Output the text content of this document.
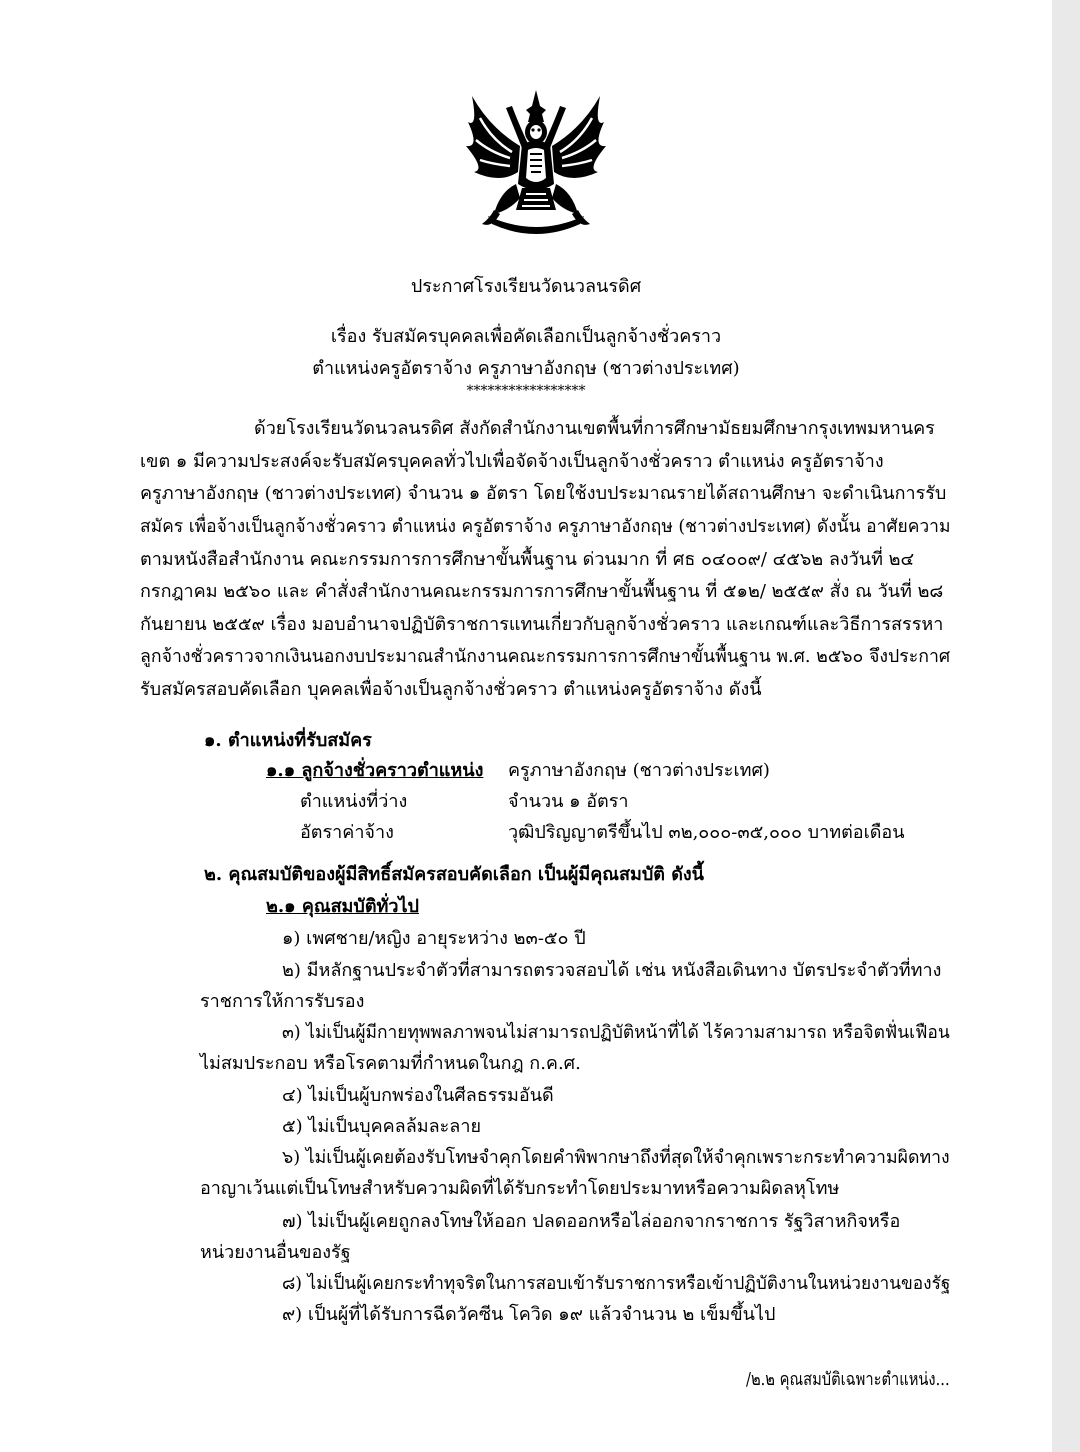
ประกาศโรงเรียนวัดนวลนรดิศ
เรื่อง รับสมัครบุคคลเพื่อคัดเลือกเป็นลูกจ้างชั่วคราว
ตำแหน่งครูอัตราจ้าง ครูภาษาอังกฤษ (ชาวต่างประเทศ)
*****************
ด้วยโรงเรียนวัดนวลนรดิศ สังกัดสำนักงานเขตพื้นที่การศึกษามัธยมศึกษากรุงเทพมหานคร
เขต ๑ มีความประสงค์จะรับสมัครบุคคลทั่วไปเพื่อจัดจ้างเป็นลูกจ้างชั่วคราว ตำแหน่ง ครูอัตราจ้าง
ครูภาษาอังกฤษ (ชาวต่างประเทศ) จำนวน ๑ อัตรา โดยใช้งบประมาณรายได้สถานศึกษา จะดำเนินการรับ
สมัคร เพื่อจ้างเป็นลูกจ้างชั่วคราว ตำแหน่ง ครูอัตราจ้าง ครูภาษาอังกฤษ (ชาวต่างประเทศ) ดังนั้น อาศัยความ
ตามหนังสือสำนักงาน คณะกรรมการการศึกษาขั้นพื้นฐาน ด่วนมาก ที่ ศธ ๐๔๐๐๙/ ๔๕๖๒ ลงวันที่ ๒๔
กรกฎาคม ๒๕๖๐ และ คำสั่งสำนักงานคณะกรรมการการศึกษาขั้นพื้นฐาน ที่ ๕๑๒/ ๒๕๕๙ สั่ง ณ วันที่ ๒๘
กันยายน ๒๕๕๙ เรื่อง มอบอำนาจปฏิบัติราชการแทนเกี่ยวกับลูกจ้างชั่วคราว และเกณฑ์และวิธีการสรรหา
ลูกจ้างชั่วคราวจากเงินนอกงบประมาณสำนักงานคณะกรรมการการศึกษาขั้นพื้นฐาน พ.ศ. ๒๕๖๐ จึงประกาศ
รับสมัครสอบคัดเลือก บุคคลเพื่อจ้างเป็นลูกจ้างชั่วคราว ตำแหน่งครูอัตราจ้าง ดังนี้
๑. ตำแหน่งที่รับสมัคร
๑.๑ ลูกจ้างชั่วคราวตำแหน่ง ครูภาษาอังกฤษ (ชาวต่างประเทศ)
ตำแหน่งที่ว่าง	จำนวน ๑ อัตรา
อัตราค่าจ้าง	วุฒิปริญญาตรีขึ้นไป ๓๒,๐๐๐-๓๕,๐๐๐ บาทต่อเดือน
๒. คุณสมบัติของผู้มีสิทธิ์สมัครสอบคัดเลือก เป็นผู้มีคุณสมบัติ ดังนี้
๒.๑ คุณสมบัติทั่วไป
๑) เพศชาย/หญิง อายุระหว่าง ๒๓-๕๐ ปี
๒) มีหลักฐานประจำตัวที่สามารถตรวจสอบได้ เช่น หนังสือเดินทาง บัตรประจำตัวที่ทาง
ราชการให้การรับรอง
๓) ไม่เป็นผู้มีกายทุพพลภาพจนไม่สามารถปฏิบัติหน้าที่ได้ ไร้ความสามารถ หรือจิตฟั่นเฟือน
ไม่สมประกอบ หรือโรคตามที่กำหนดในกฎ ก.ค.ศ.
๔) ไม่เป็นผู้บกพร่องในศีลธรรมอันดี
๕) ไม่เป็นบุคคลล้มละลาย
๖) ไม่เป็นผู้เคยต้องรับโทษจำคุกโดยคำพิพากษาถึงที่สุดให้จำคุกเพราะกระทำความผิดทาง
อาญาเว้นแต่เป็นโทษสำหรับความผิดที่ได้รับกระทำโดยประมาทหรือความผิดลหุโทษ
๗) ไม่เป็นผู้เคยถูกลงโทษให้ออก ปลดออกหรือไล่ออกจากราชการ รัฐวิสาหกิจหรือ
หน่วยงานอื่นของรัฐ
๘) ไม่เป็นผู้เคยกระทำทุจริตในการสอบเข้ารับราชการหรือเข้าปฏิบัติงานในหน่วยงานของรัฐ
๙) เป็นผู้ที่ได้รับการฉีดวัคซีน โควิด ๑๙ แล้วจำนวน ๒ เข็มขึ้นไป
/๒.๒ คุณสมบัติเฉพาะตำแหน่ง...
